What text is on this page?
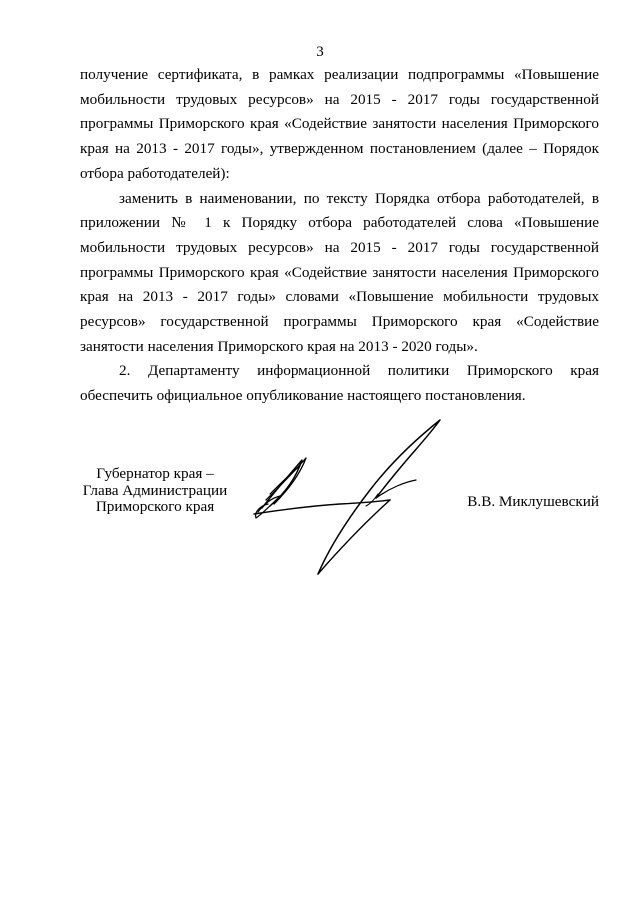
3

получение сертификата, в рамках реализации подпрограммы «Повышение мобильности трудовых ресурсов» на 2015 - 2017 годы государственной программы Приморского края «Содействие занятости населения Приморского края на 2013 - 2017 годы», утвержденном постановлением (далее – Порядок отбора работодателей):

заменить в наименовании, по тексту Порядка отбора работодателей, в приложении № 1 к Порядку отбора работодателей слова «Повышение мобильности трудовых ресурсов» на 2015 - 2017 годы государственной программы Приморского края «Содействие занятости населения Приморского края на 2013 - 2017 годы» словами «Повышение мобильности трудовых ресурсов» государственной программы Приморского края «Содействие занятости населения Приморского края на 2013 - 2020 годы».

2. Департаменту информационной политики Приморского края обеспечить официальное опубликование настоящего постановления.

Губернатор края –
Глава Администрации
Приморского края	В.В. Миклушевский
